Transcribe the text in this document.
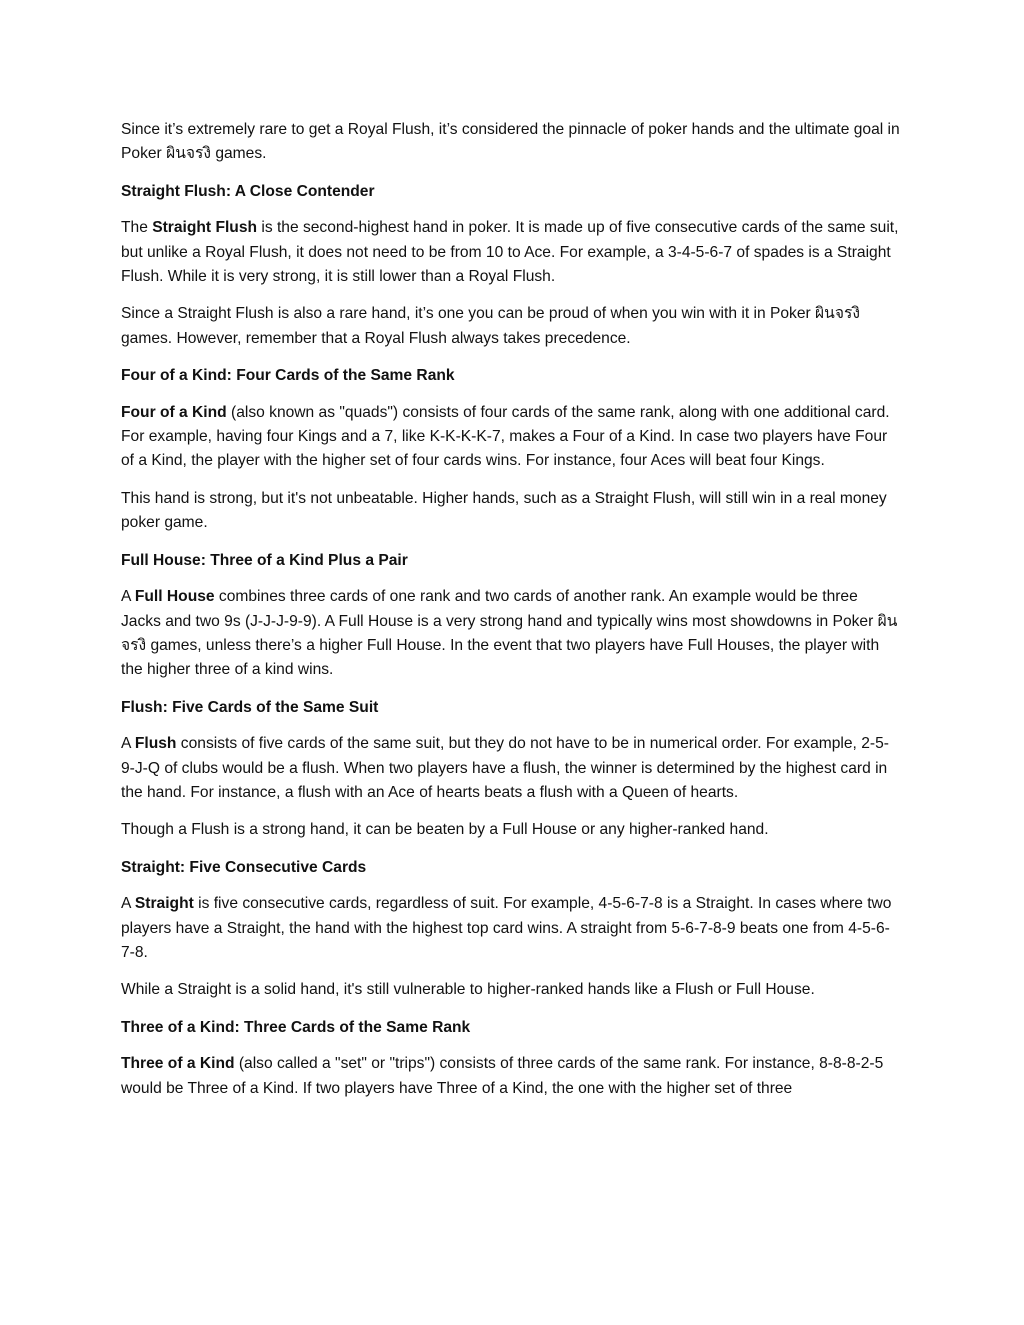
Since it’s extremely rare to get a Royal Flush, it’s considered the pinnacle of poker hands and the ultimate goal in Poker ผินจรงิ games.

Straight Flush: A Close Contender

The Straight Flush is the second-highest hand in poker. It is made up of five consecutive cards of the same suit, but unlike a Royal Flush, it does not need to be from 10 to Ace. For example, a 3-4-5-6-7 of spades is a Straight Flush. While it is very strong, it is still lower than a Royal Flush.

Since a Straight Flush is also a rare hand, it’s one you can be proud of when you win with it in Poker ผินจรงิ games. However, remember that a Royal Flush always takes precedence.

Four of a Kind: Four Cards of the Same Rank

Four of a Kind (also known as "quads") consists of four cards of the same rank, along with one additional card. For example, having four Kings and a 7, like K-K-K-K-7, makes a Four of a Kind. In case two players have Four of a Kind, the player with the higher set of four cards wins. For instance, four Aces will beat four Kings.

This hand is strong, but it's not unbeatable. Higher hands, such as a Straight Flush, will still win in a real money poker game.

Full House: Three of a Kind Plus a Pair

A Full House combines three cards of one rank and two cards of another rank. An example would be three Jacks and two 9s (J-J-J-9-9). A Full House is a very strong hand and typically wins most showdowns in Poker ผินจรงิ games, unless there’s a higher Full House. In the event that two players have Full Houses, the player with the higher three of a kind wins.

Flush: Five Cards of the Same Suit

A Flush consists of five cards of the same suit, but they do not have to be in numerical order. For example, 2-5-9-J-Q of clubs would be a flush. When two players have a flush, the winner is determined by the highest card in the hand. For instance, a flush with an Ace of hearts beats a flush with a Queen of hearts.

Though a Flush is a strong hand, it can be beaten by a Full House or any higher-ranked hand.

Straight: Five Consecutive Cards

A Straight is five consecutive cards, regardless of suit. For example, 4-5-6-7-8 is a Straight. In cases where two players have a Straight, the hand with the highest top card wins. A straight from 5-6-7-8-9 beats one from 4-5-6-7-8.

While a Straight is a solid hand, it's still vulnerable to higher-ranked hands like a Flush or Full House.

Three of a Kind: Three Cards of the Same Rank

Three of a Kind (also called a "set" or "trips") consists of three cards of the same rank. For instance, 8-8-8-2-5 would be Three of a Kind. If two players have Three of a Kind, the one with the higher set of three
